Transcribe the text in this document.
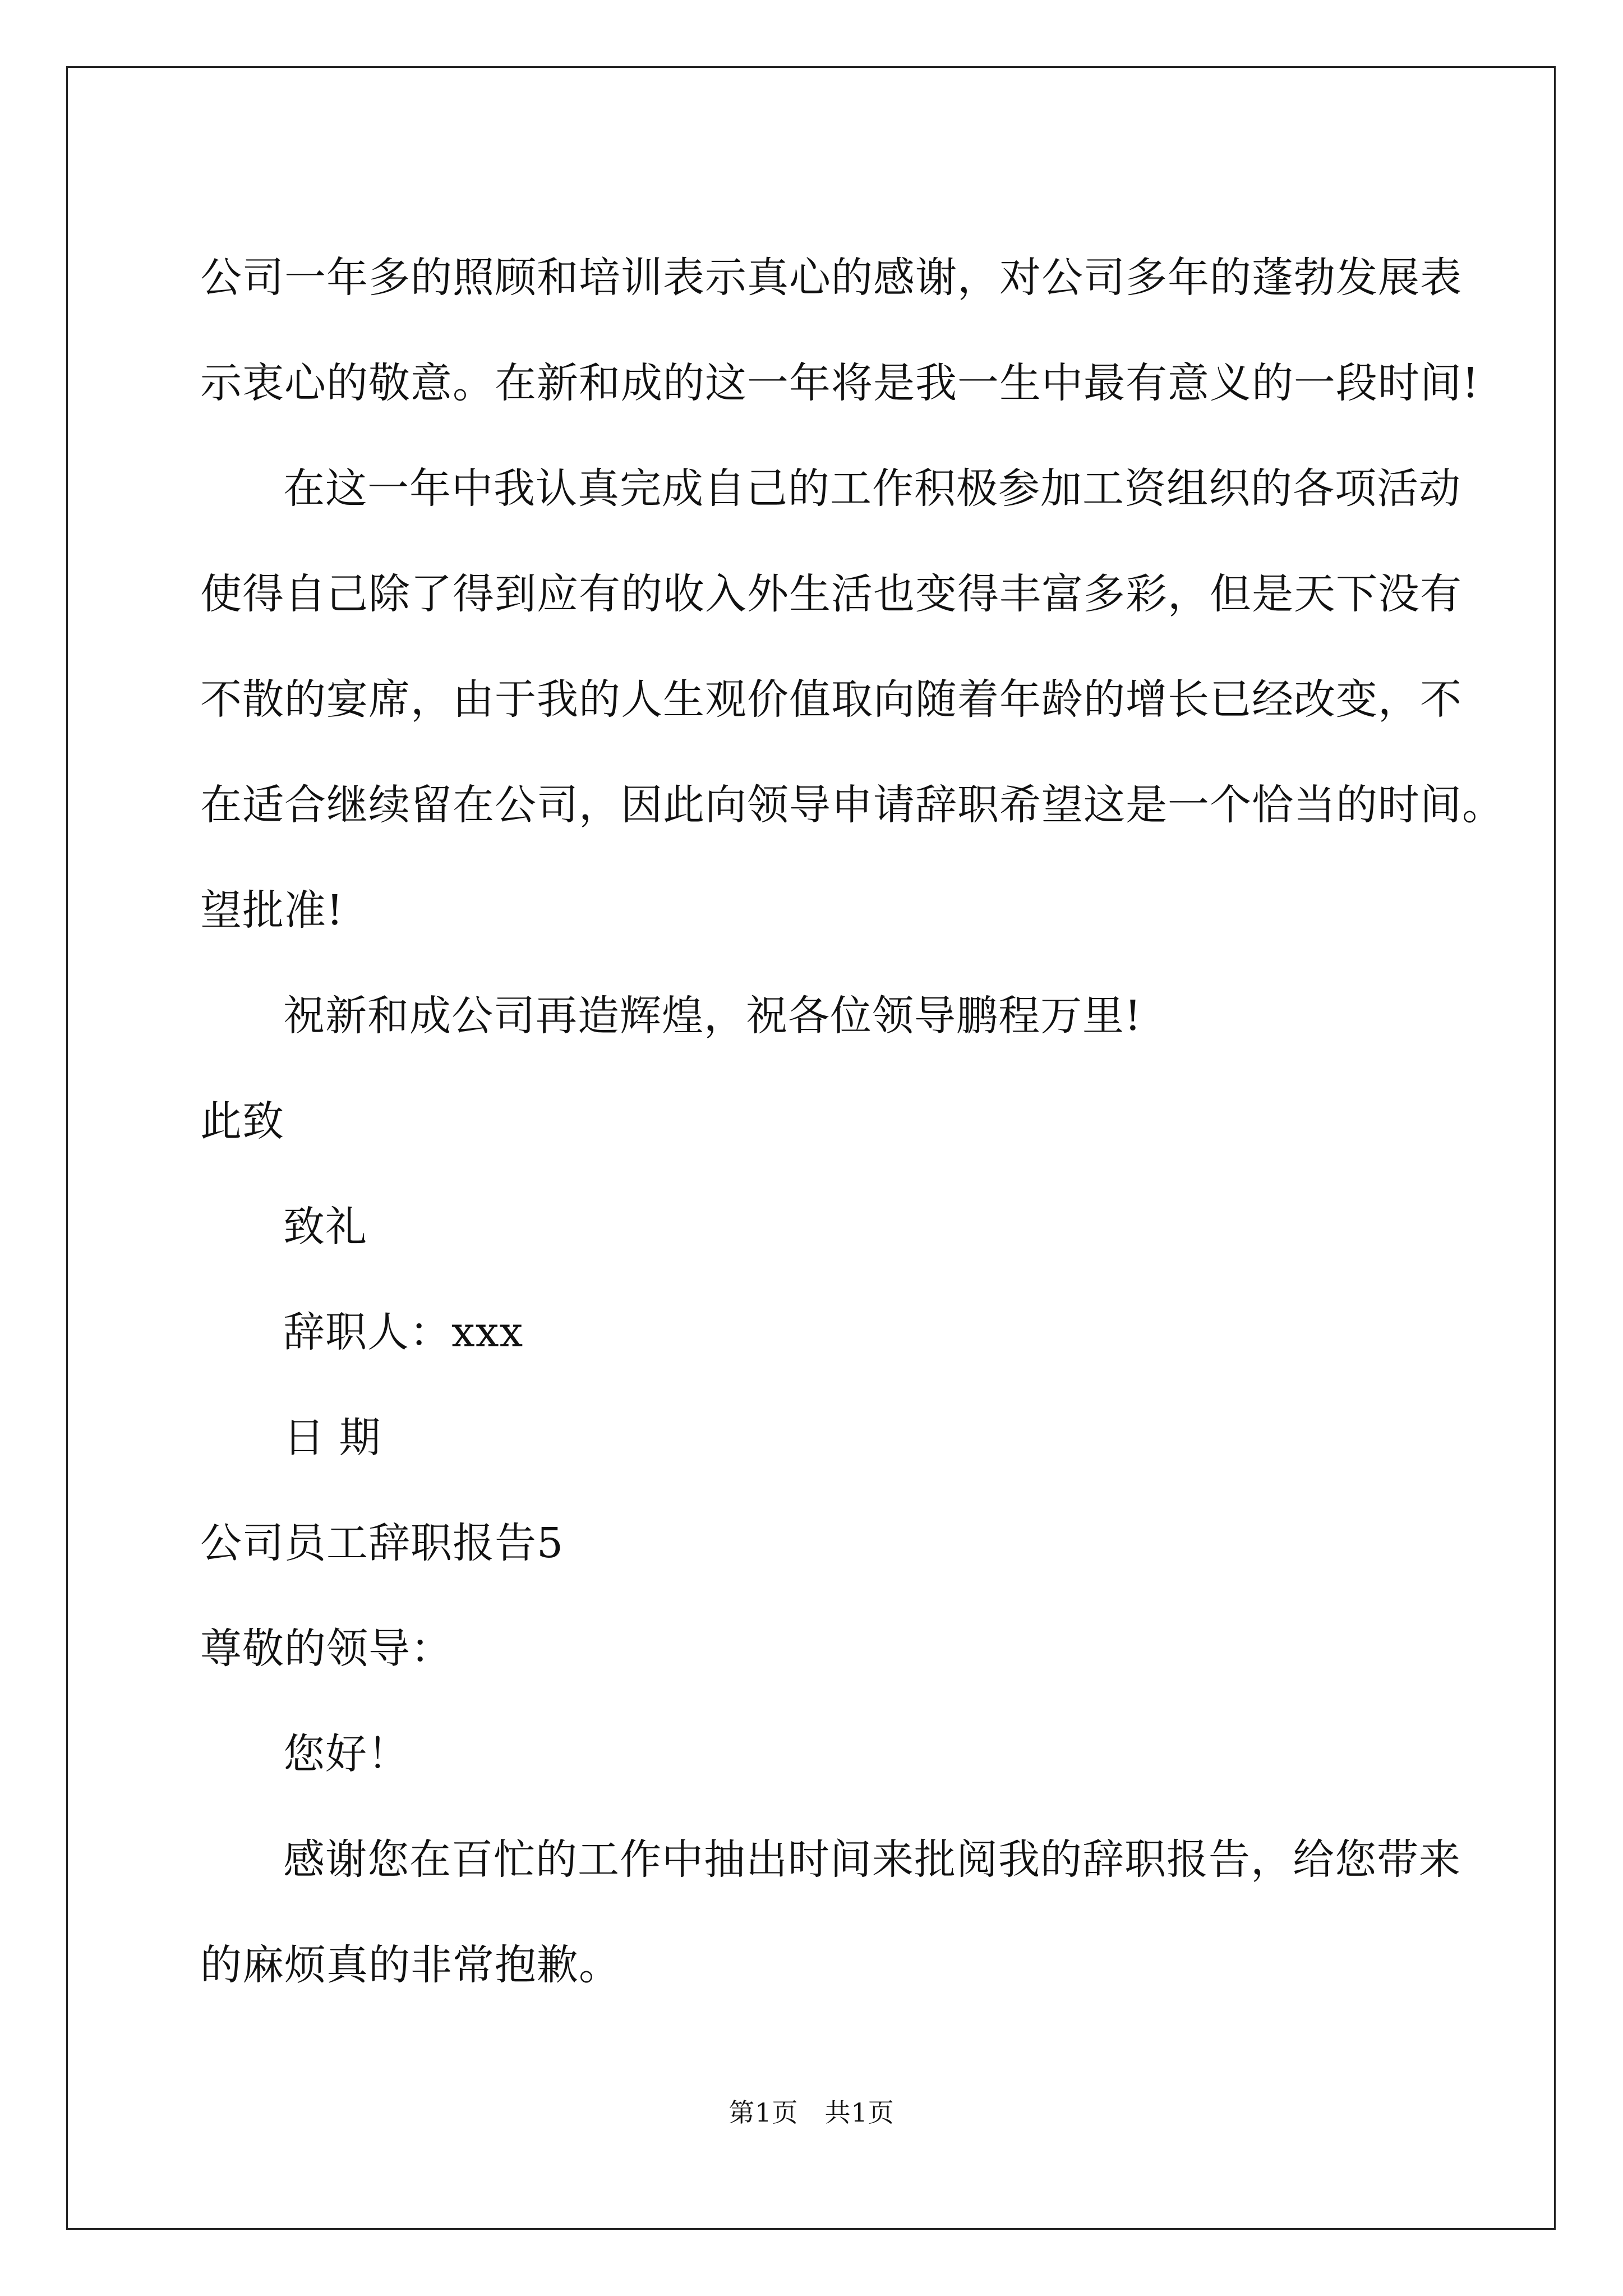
公司一年多的照顾和培训表示真心的感谢，对公司多年的蓬勃发展表
示衷心的敬意。在新和成的这一年将是我一生中最有意义的一段时间!
在这一年中我认真完成自己的工作积极参加工资组织的各项活动
使得自己除了得到应有的收入外生活也变得丰富多彩，但是天下没有
不散的宴席，由于我的人生观价值取向随着年龄的增长已经改变，不
在适合继续留在公司，因此向领导申请辞职希望这是一个恰当的时间。
望批准!
祝新和成公司再造辉煌，祝各位领导鹏程万里!
此致
致礼
辞职人：xxx
日 期
公司员工辞职报告5
尊敬的领导：
您好！
感谢您在百忙的工作中抽出时间来批阅我的辞职报告，给您带来
的麻烦真的非常抱歉。
第1页　共1页
